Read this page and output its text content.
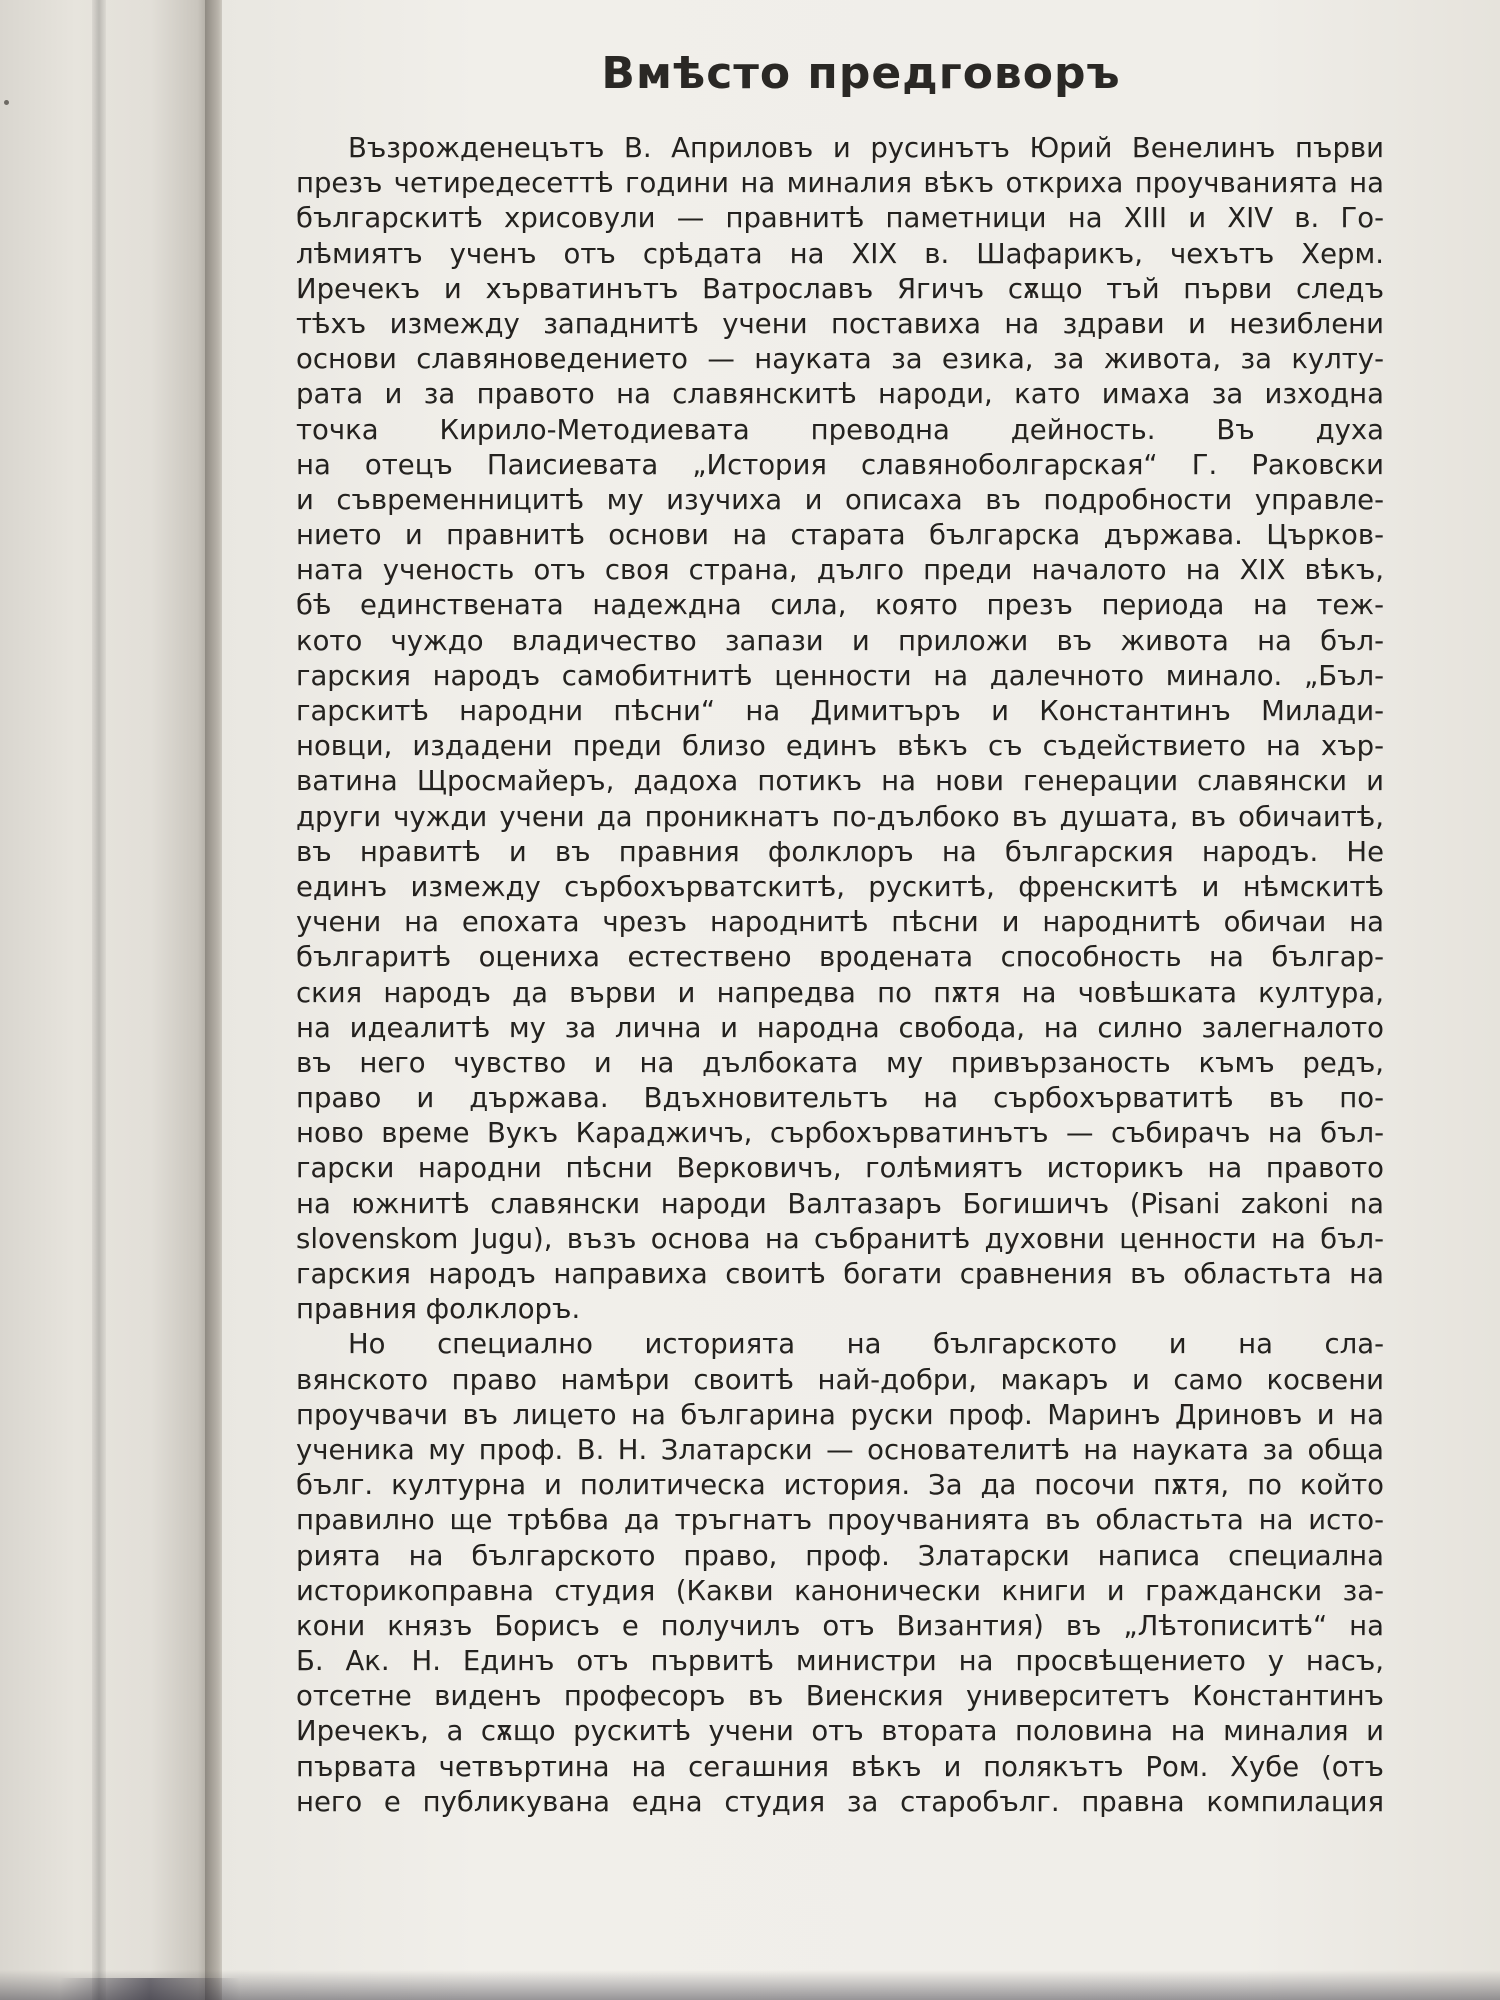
Вмѣсто предговоръ
Възрожденецътъ В. Априловъ и русинътъ Юрий Венелинъ първи
презъ четиредесеттѣ години на миналия вѣкъ откриха проучванията на
българскитѣ хрисовули — правнитѣ паметници на XIII и XIV в. Го-
лѣмиятъ ученъ отъ срѣдата на XIX в. Шафарикъ, чехътъ Херм.
Иречекъ и хърватинътъ Ватрославъ Ягичъ сѫщо тъй първи следъ
тѣхъ измежду западнитѣ учени поставиха на здрави и незиблени
основи славяноведението — науката за езика, за живота, за култу-
рата и за правото на славянскитѣ народи, като имаха за изходна
точка Кирило-Методиевата преводна дейность. Въ духа
на отецъ Паисиевата „История славяноболгарская“ Г. Раковски
и съвременницитѣ му изучиха и описаха въ подробности управле-
нието и правнитѣ основи на старата българска държава. Църков-
ната ученость отъ своя страна, дълго преди началото на XIX вѣкъ,
бѣ единствената надеждна сила, която презъ периода на теж-
кото чуждо владичество запази и приложи въ живота на бъл-
гарския народъ самобитнитѣ ценности на далечното минало. „Бъл-
гарскитѣ народни пѣсни“ на Димитъръ и Константинъ Милади-
новци, издадени преди близо единъ вѣкъ съ съдействието на хър-
ватина Щросмайеръ, дадоха потикъ на нови генерации славянски и
други чужди учени да проникнатъ по-дълбоко въ душата, въ обичаитѣ,
въ нравитѣ и въ правния фолклоръ на българския народъ. Не
единъ измежду сърбохърватскитѣ, рускитѣ, френскитѣ и нѣмскитѣ
учени на епохата чрезъ народнитѣ пѣсни и народнитѣ обичаи на
българитѣ оцениха естествено вродената способность на българ-
ския народъ да върви и напредва по пѫтя на човѣшката култура,
на идеалитѣ му за лична и народна свобода, на силно залегналото
въ него чувство и на дълбоката му привързаность къмъ редъ,
право и държава. Вдъхновительтъ на сърбохърватитѣ въ по-
ново време Вукъ Караджичъ, сърбохърватинътъ — събирачъ на бъл-
гарски народни пѣсни Верковичъ, голѣмиятъ историкъ на правото
на южнитѣ славянски народи Валтазаръ Богишичъ (Pisani zakoni na
slovenskom Jugu), възъ основа на събранитѣ духовни ценности на бъл-
гарския народъ направиха своитѣ богати сравнения въ областьта на
правния фолклоръ.
Но специално историята на българското и на сла-
вянското право намѣри своитѣ най-добри, макаръ и само косвени
проучвачи въ лицето на българина руски проф. Маринъ Дриновъ и на
ученика му проф. В. Н. Златарски — основателитѣ на науката за обща
бълг. културна и политическа история. За да посочи пѫтя, по който
правилно ще трѣбва да тръгнатъ проучванията въ областьта на исто-
рията на българското право, проф. Златарски написа специална
историкоправна студия (Какви канонически книги и граждански за-
кони князъ Борисъ е получилъ отъ Византия) въ „Лѣтописитѣ“ на
Б. Ак. Н. Единъ отъ първитѣ министри на просвѣщението у насъ,
отсетне виденъ професоръ въ Виенския университетъ Константинъ
Иречекъ, а сѫщо рускитѣ учени отъ втората половина на миналия и
първата четвъртина на сегашния вѣкъ и полякътъ Ром. Хубе (отъ
него е публикувана една студия за старобълг. правна компилация
